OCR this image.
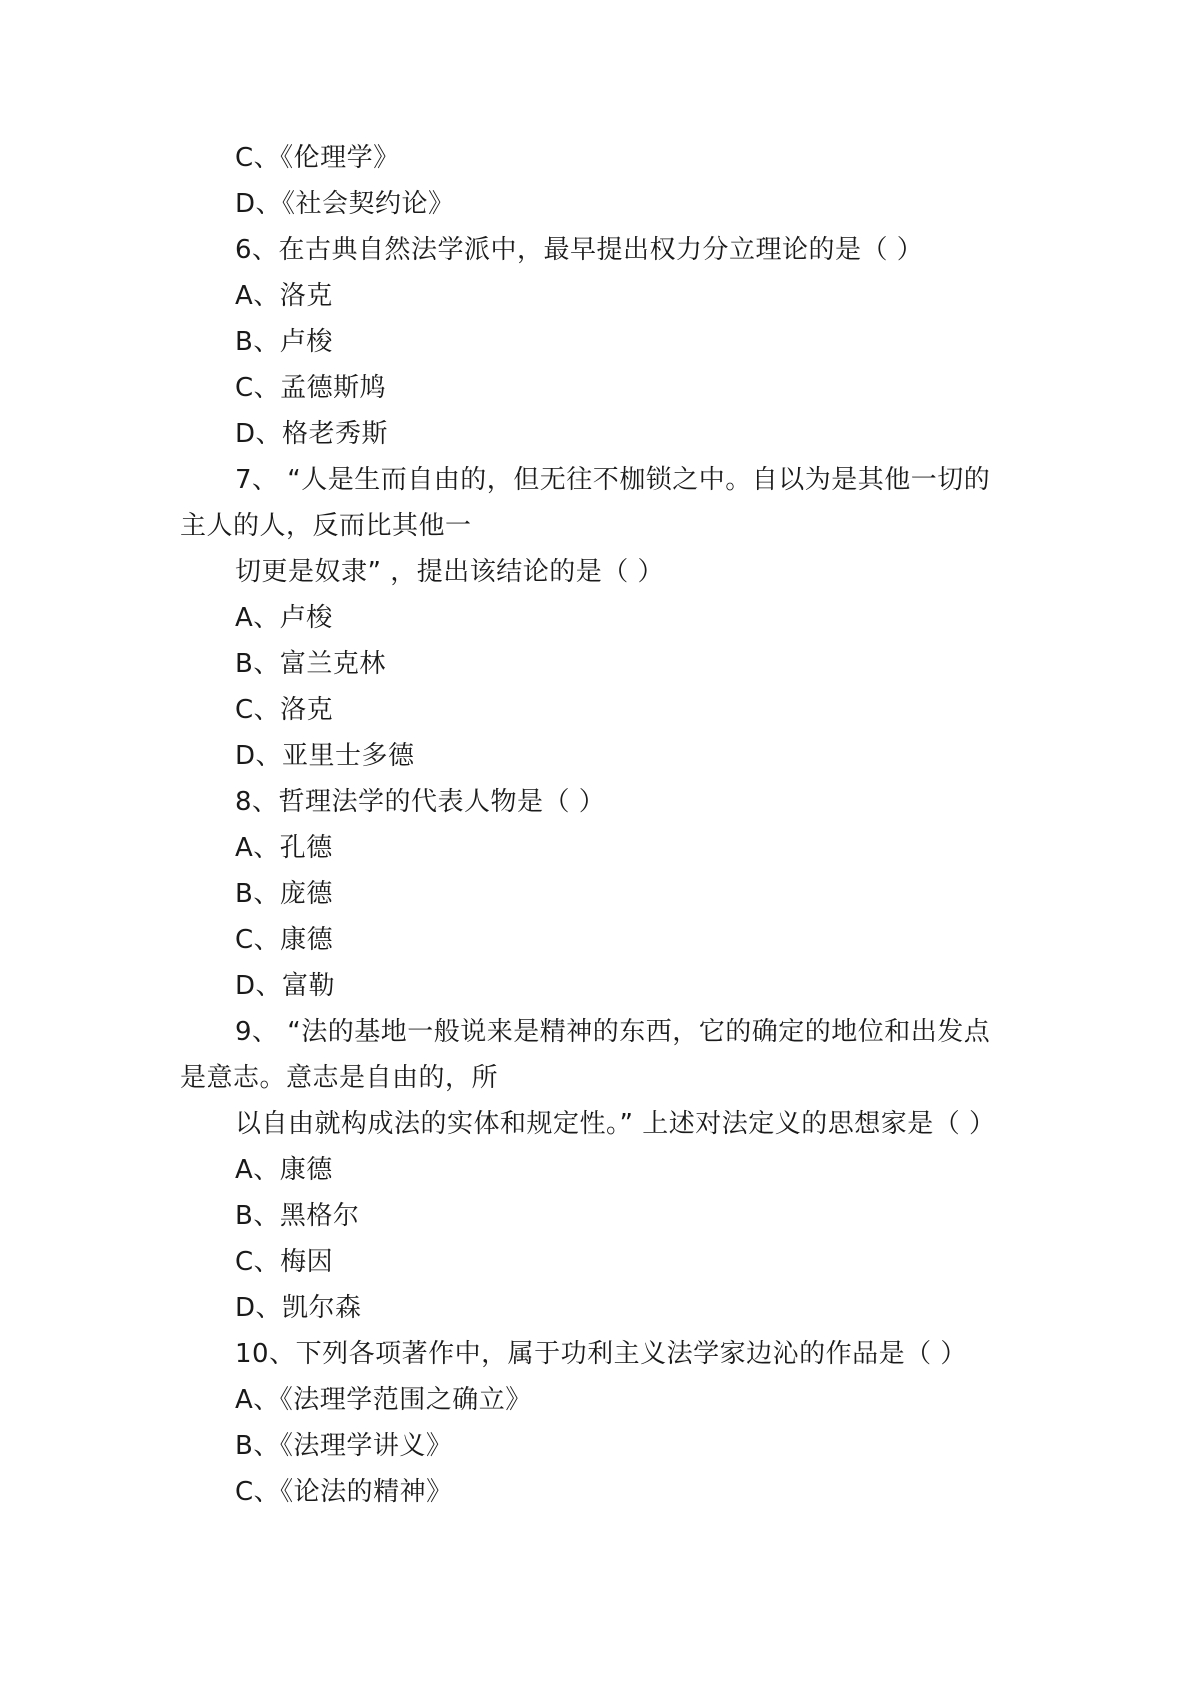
C、《伦理学》
D、《社会契约论》
6、在古典自然法学派中，最早提出权力分立理论的是（ ）
A、洛克
B、卢梭
C、孟德斯鸠
D、格老秀斯
7、 “人是生而自由的，但无往不枷锁之中。自以为是其他一切的
主人的人，反而比其他一
切更是奴隶” ，提出该结论的是（ ）
A、卢梭
B、富兰克林
C、洛克
D、亚里士多德
8、哲理法学的代表人物是（ ）
A、孔德
B、庞德
C、康德
D、富勒
9、 “法的基地一般说来是精神的东西，它的确定的地位和出发点
是意志。意志是自由的，所
以自由就构成法的实体和规定性。” 上述对法定义的思想家是（ ）
A、康德
B、黑格尔
C、梅因
D、凯尔森
10、下列各项著作中，属于功利主义法学家边沁的作品是（ ）
A、《法理学范围之确立》
B、《法理学讲义》
C、《论法的精神》
